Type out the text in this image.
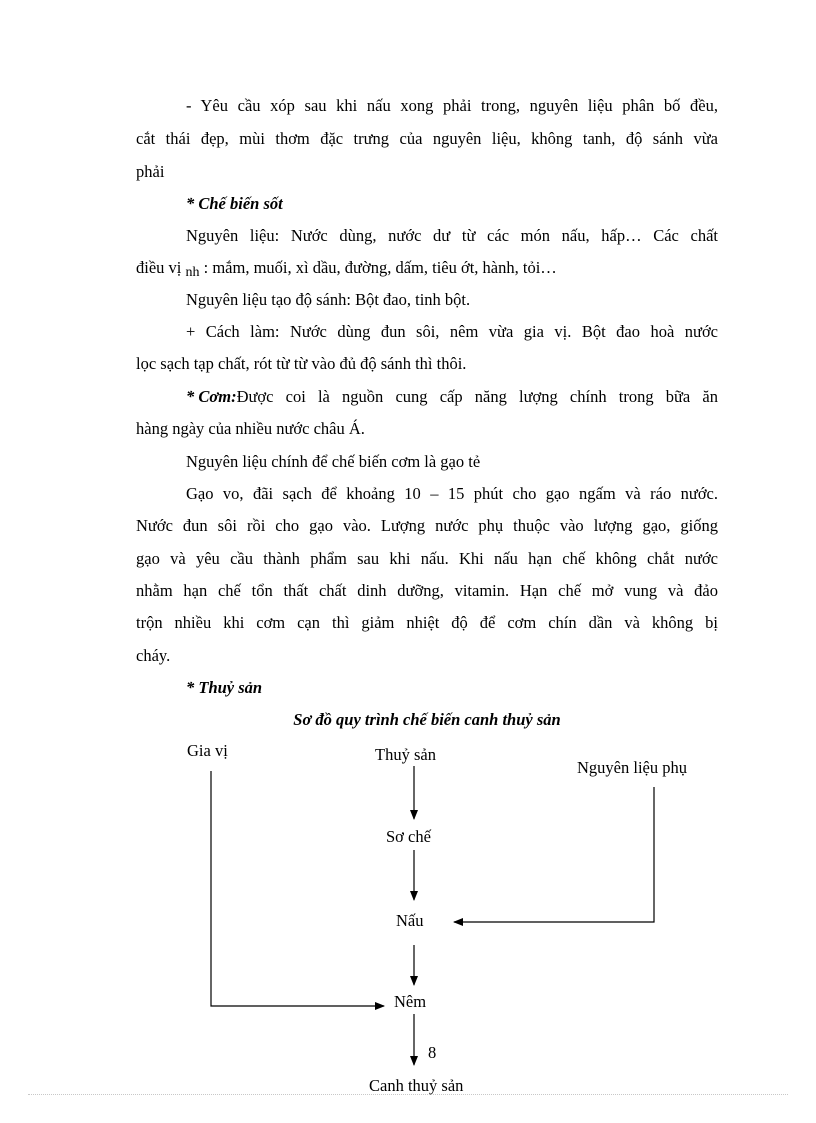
- Yêu cầu xóp sau khi nấu xong phải trong, nguyên liệu phân bố đều,
cắt thái đẹp, mùi thơm đặc trưng của nguyên liệu, không tanh, độ sánh vừa
phải
* Chế biến sốt
Nguyên liệu: Nước dùng, nước dư từ các món nấu, hấp… Các chất
điều vị nh : mắm, muối, xì dầu, đường, dấm, tiêu ớt, hành, tỏi…
Nguyên liệu tạo độ sánh: Bột đao, tinh bột.
+ Cách làm: Nước dùng đun sôi, nêm vừa gia vị. Bột đao hoà nước
lọc sạch tạp chất, rót từ từ vào đủ độ sánh thì thôi.
* Cơm: Được coi là nguồn cung cấp năng lượng chính trong bữa ăn
hàng ngày của nhiều nước châu Á.
Nguyên liệu chính để chế biến cơm là gạo tẻ
Gạo vo, đãi sạch để khoảng 10 – 15 phút cho gạo ngấm và ráo nước.
Nước đun sôi rồi cho gạo vào. Lượng nước phụ thuộc vào lượng gạo, giống
gạo và yêu cầu thành phẩm sau khi nấu. Khi nấu hạn chế không chắt nước
nhằm hạn chế tổn thất chất dinh dưỡng, vitamin. Hạn chế mở vung và đảo
trộn nhiều khi cơm cạn thì giảm nhiệt độ để cơm chín dần và không bị
cháy.
* Thuỷ sản
Sơ đồ quy trình chế biến canh thuỷ sản
Gia vị	Thuỷ sản
Nguyên liệu phụ
Sơ chế
Nấu
Nêm
Canh thuỷ sản
8
